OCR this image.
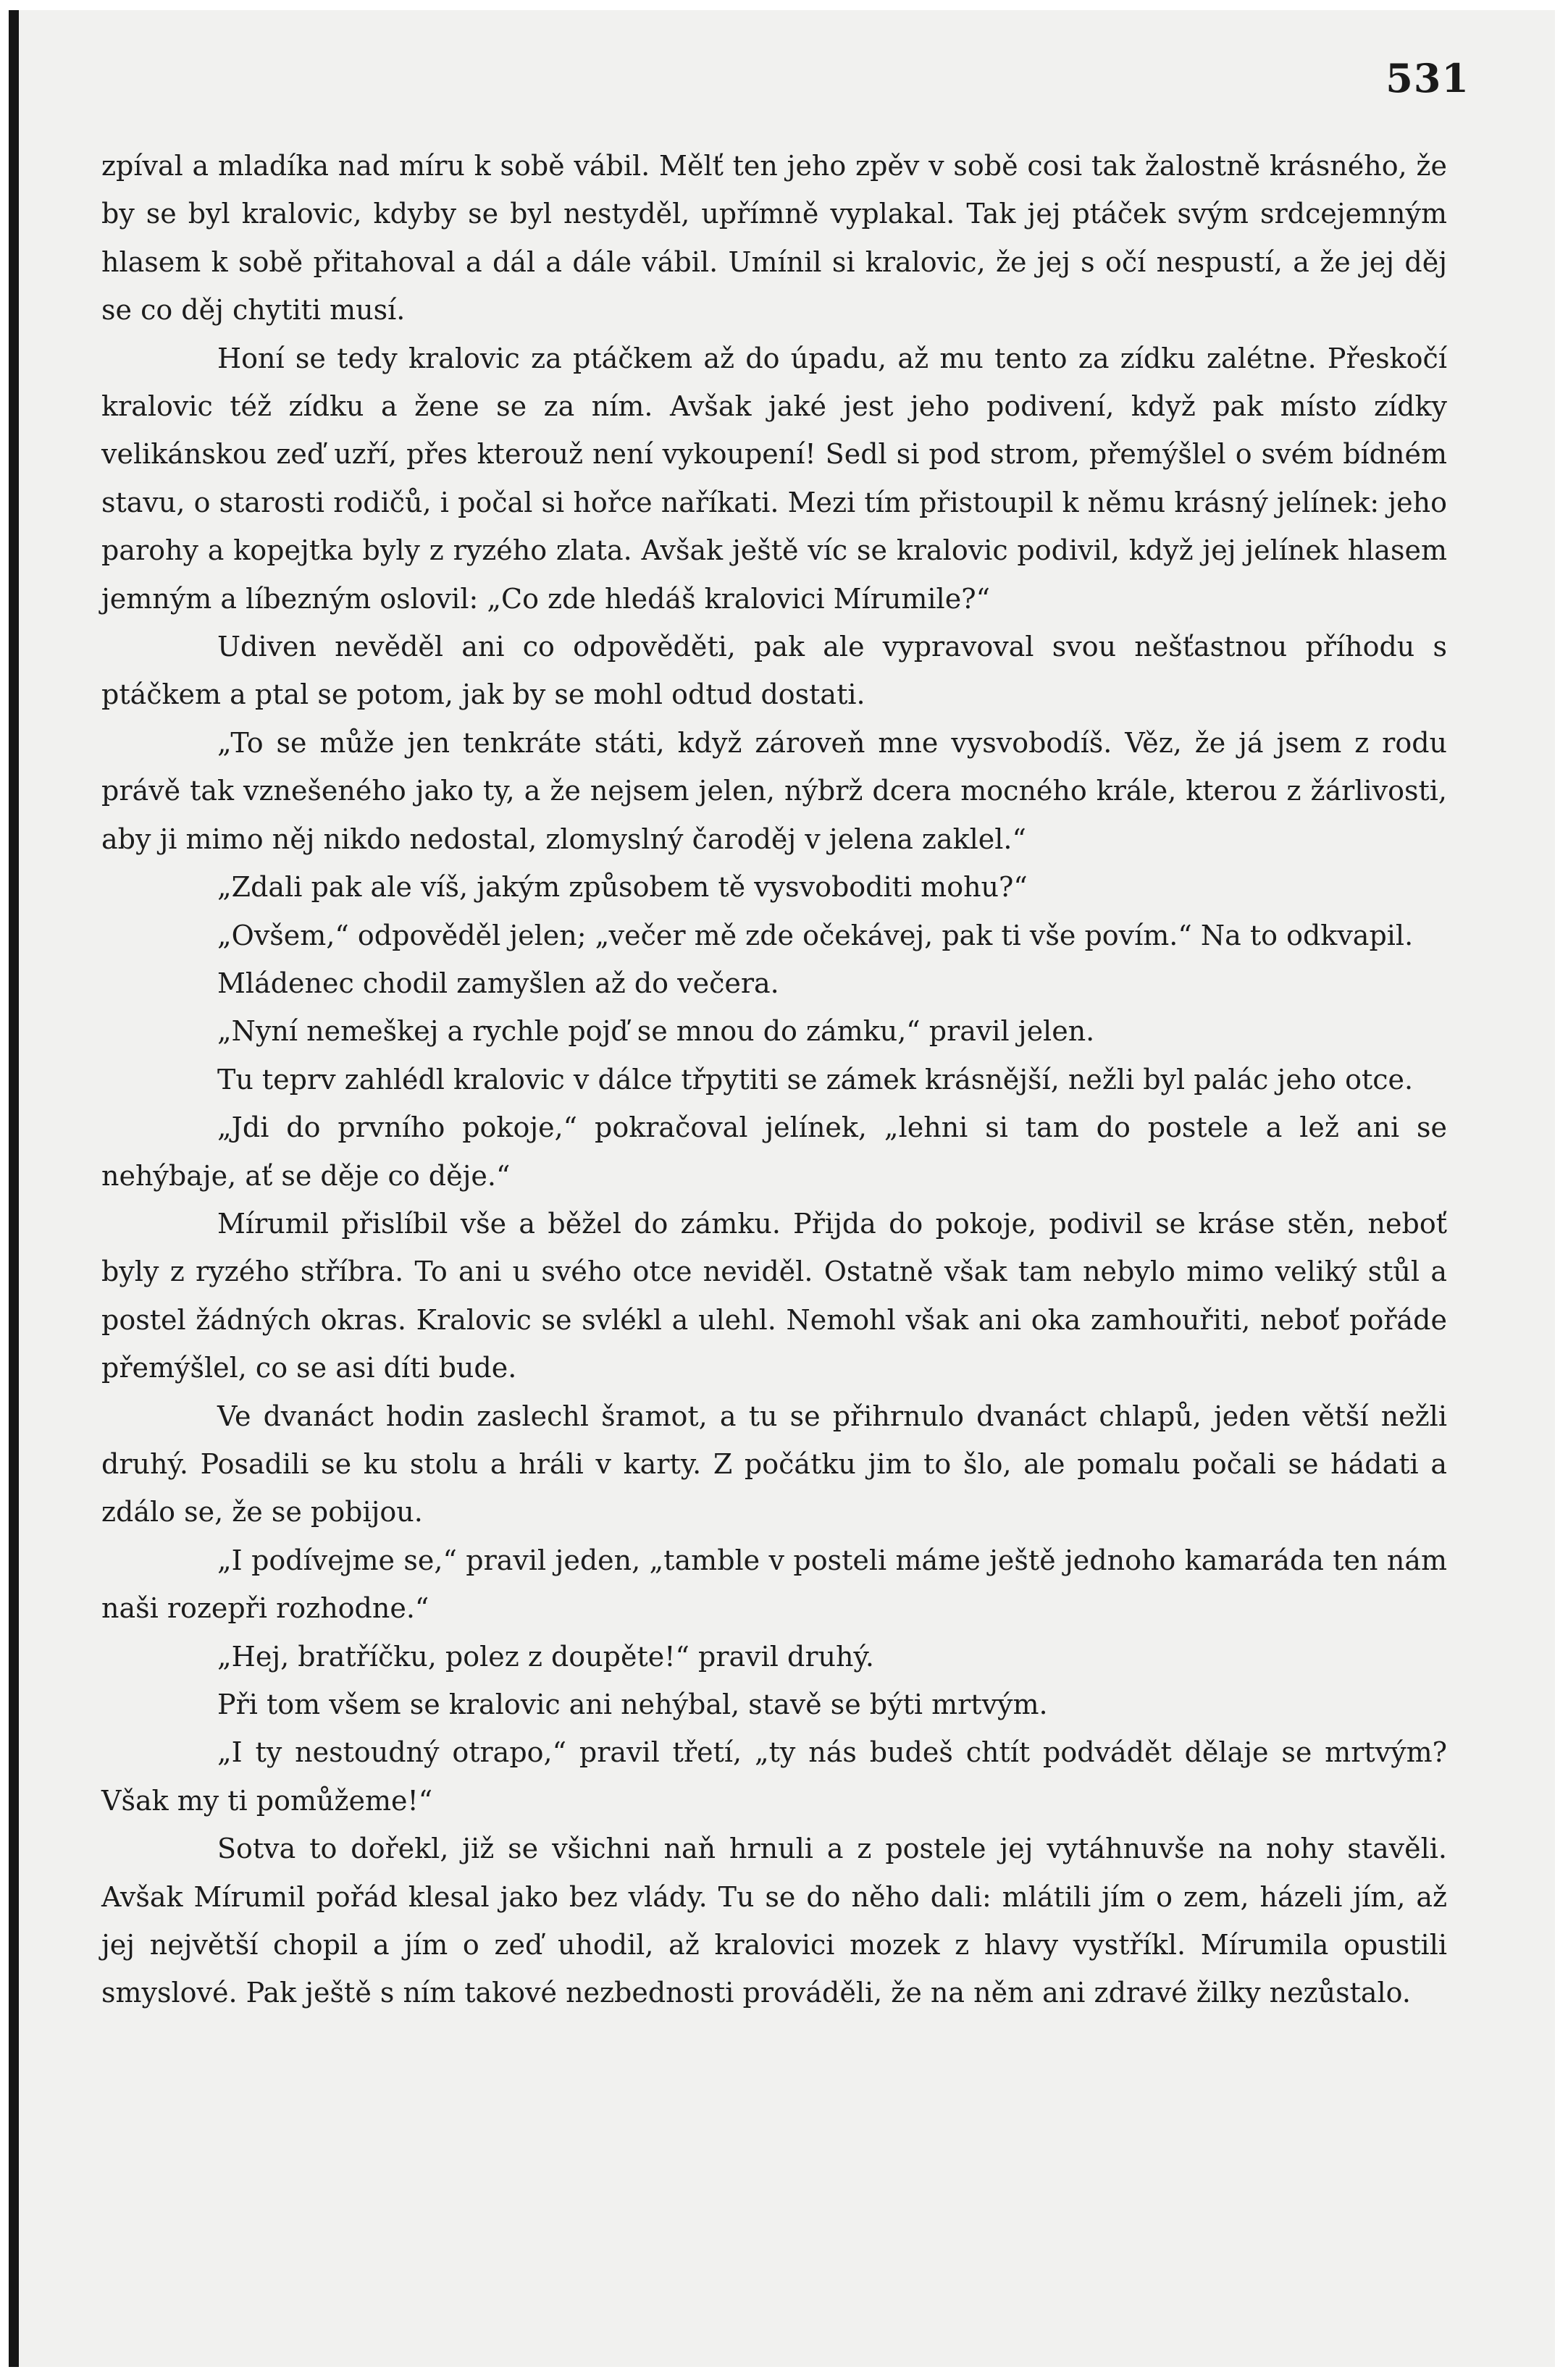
531

zpíval a mladíka nad míru k sobě vábil. Mělť ten jeho zpěv v sobě cosi tak žalostně krásného, že by se byl kralovic, kdyby se byl nestyděl, upřímně vyplakal. Tak jej ptáček svým srdcejemným hlasem k sobě přitahoval a dál a dále vábil. Umínil si kralovic, že jej s očí nespustí, a že jej děj se co děj chytiti musí.

Honí se tedy kralovic za ptáčkem až do úpadu, až mu tento za zídku zalétne. Přeskočí kralovic též zídku a žene se za ním. Avšak jaké jest jeho podivení, když pak místo zídky velikánskou zeď uzří, přes kterouž není vykoupení! Sedl si pod strom, přemýšlel o svém bídném stavu, o starosti rodičů, i počal si hořce naříkati. Mezi tím přistoupil k němu krásný jelínek: jeho parohy a kopejtka byly z ryzého zlata. Avšak ještě víc se kralovic podivil, když jej jelínek hlasem jemným a líbezným oslovil: „Co zde hledáš kralovici Mírumile?“

Udiven nevěděl ani co odpověděti, pak ale vypravoval svou nešťastnou příhodu s ptáčkem a ptal se potom, jak by se mohl odtud dostati.

„To se může jen tenkráte státi, když zároveň mne vysvobodíš. Věz, že já jsem z rodu právě tak vznešeného jako ty, a že nejsem jelen, nýbrž dcera mocného krále, kterou z žárlivosti, aby ji mimo něj nikdo nedostal, zlomyslný čaroděj v jelena zaklel.“

„Zdali pak ale víš, jakým způsobem tě vysvoboditi mohu?“

„Ovšem,“ odpověděl jelen; „večer mě zde očekávej, pak ti vše povím.“ Na to odkvapil.

Mládenec chodil zamyšlen až do večera.

„Nyní nemeškej a rychle pojď se mnou do zámku,“ pravil jelen.

Tu teprv zahlédl kralovic v dálce třpytiti se zámek krásnější, nežli byl palác jeho otce.

„Jdi do prvního pokoje,“ pokračoval jelínek, „lehni si tam do postele a lež ani se nehýbaje, ať se děje co děje.“

Mírumil přislíbil vše a běžel do zámku. Přijda do pokoje, podivil se kráse stěn, neboť byly z ryzého stříbra. To ani u svého otce neviděl. Ostatně však tam nebylo mimo veliký stůl a postel žádných okras. Kralovic se svlékl a ulehl. Nemohl však ani oka zamhouřiti, neboť pořáde přemýšlel, co se asi díti bude.

Ve dvanáct hodin zaslechl šramot, a tu se přihrnulo dvanáct chlapů, jeden větší nežli druhý. Posadili se ku stolu a hráli v karty. Z počátku jim to šlo, ale pomalu počali se hádati a zdálo se, že se pobijou.

„I podívejme se,“ pravil jeden, „tamble v posteli máme ještě jednoho kamaráda ten nám naši rozepři rozhodne.“

„Hej, bratříčku, polez z doupěte!“ pravil druhý.

Při tom všem se kralovic ani nehýbal, stavě se býti mrtvým.

„I ty nestoudný otrapo,“ pravil třetí, „ty nás budeš chtít podvádět dělaje se mrtvým? Však my ti pomůžeme!“

Sotva to dořekl, již se všichni naň hrnuli a z postele jej vytáhnuvše na nohy stavěli. Avšak Mírumil pořád klesal jako bez vlády. Tu se do něho dali: mlátili jím o zem, házeli jím, až jej největší chopil a jím o zeď uhodil, až kralovici mozek z hlavy vystříkl. Mírumila opustili smyslové. Pak ještě s ním takové nezbednosti prováděli, že na něm ani zdravé žilky nezůstalo.
